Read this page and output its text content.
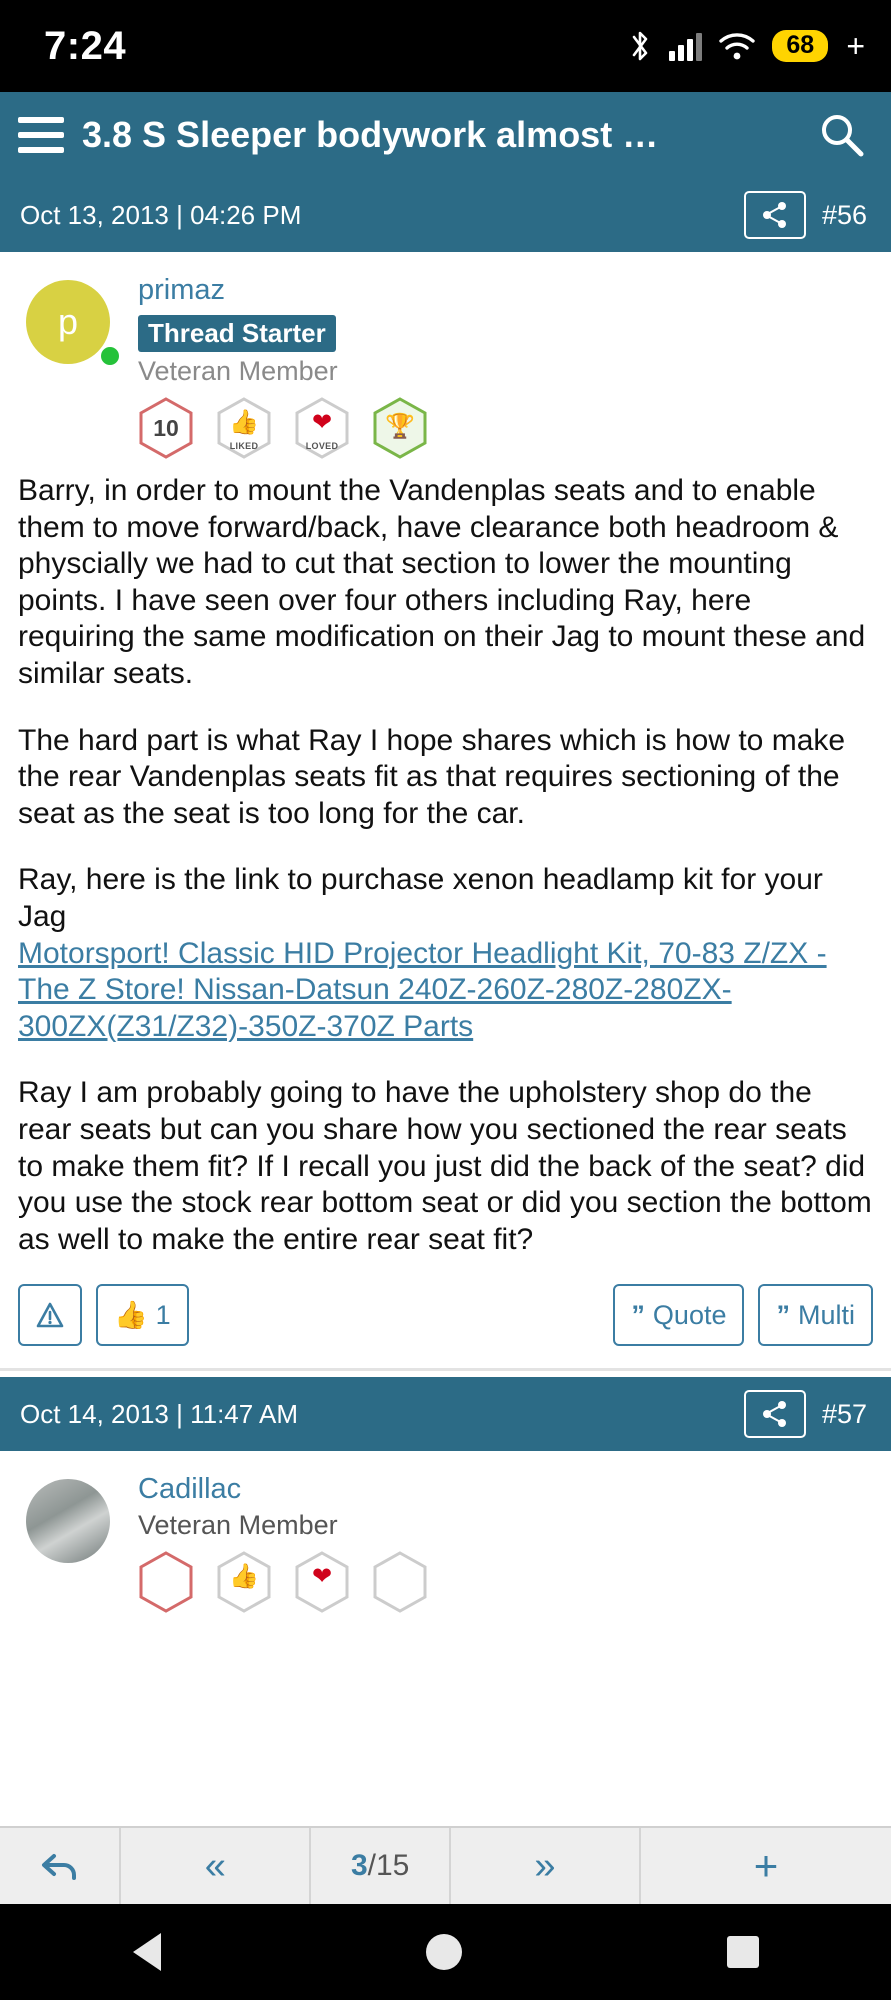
7:24	68	+
3.8 S Sleeper bodywork almost …
Oct 13, 2013 | 04:26 PM	#56
p
primaz
Thread Starter
Veteran Member
10	👍
LIKED
❤
LOVED
🏆

Barry, in order to mount the Vandenplas seats and to enable them to move forward/back, have clearance both headroom & physcially we had to cut that section to lower the mounting points. I have seen over four others including Ray, here requiring the same modification on their Jag to mount these and similar seats.

The hard part is what Ray I hope shares which is how to make the rear Vandenplas seats fit as that requires sectioning of the seat as the seat is too long for the car.

Ray, here is the link to purchase xenon headlamp kit for your Jag

Motorsport! Classic HID Projector Headlight Kit, 70-83 Z/ZX - The Z Store! Nissan-Datsun 240Z-260Z-280Z-280ZX-300ZX(Z31/Z32)-350Z-370Z Parts

Ray I am probably going to have the upholstery shop do the rear seats but can you share how you sectioned the rear seats to make them fit? If I recall you just did the back of the seat? did you use the stock rear bottom seat or did you section the bottom as well to make the entire rear seat fit?

👍 1	” Quote ” Multi
Oct 14, 2013 | 11:47 AM	#57
Cadillac
Veteran Member
👍	❤
«	3/15	»	+
